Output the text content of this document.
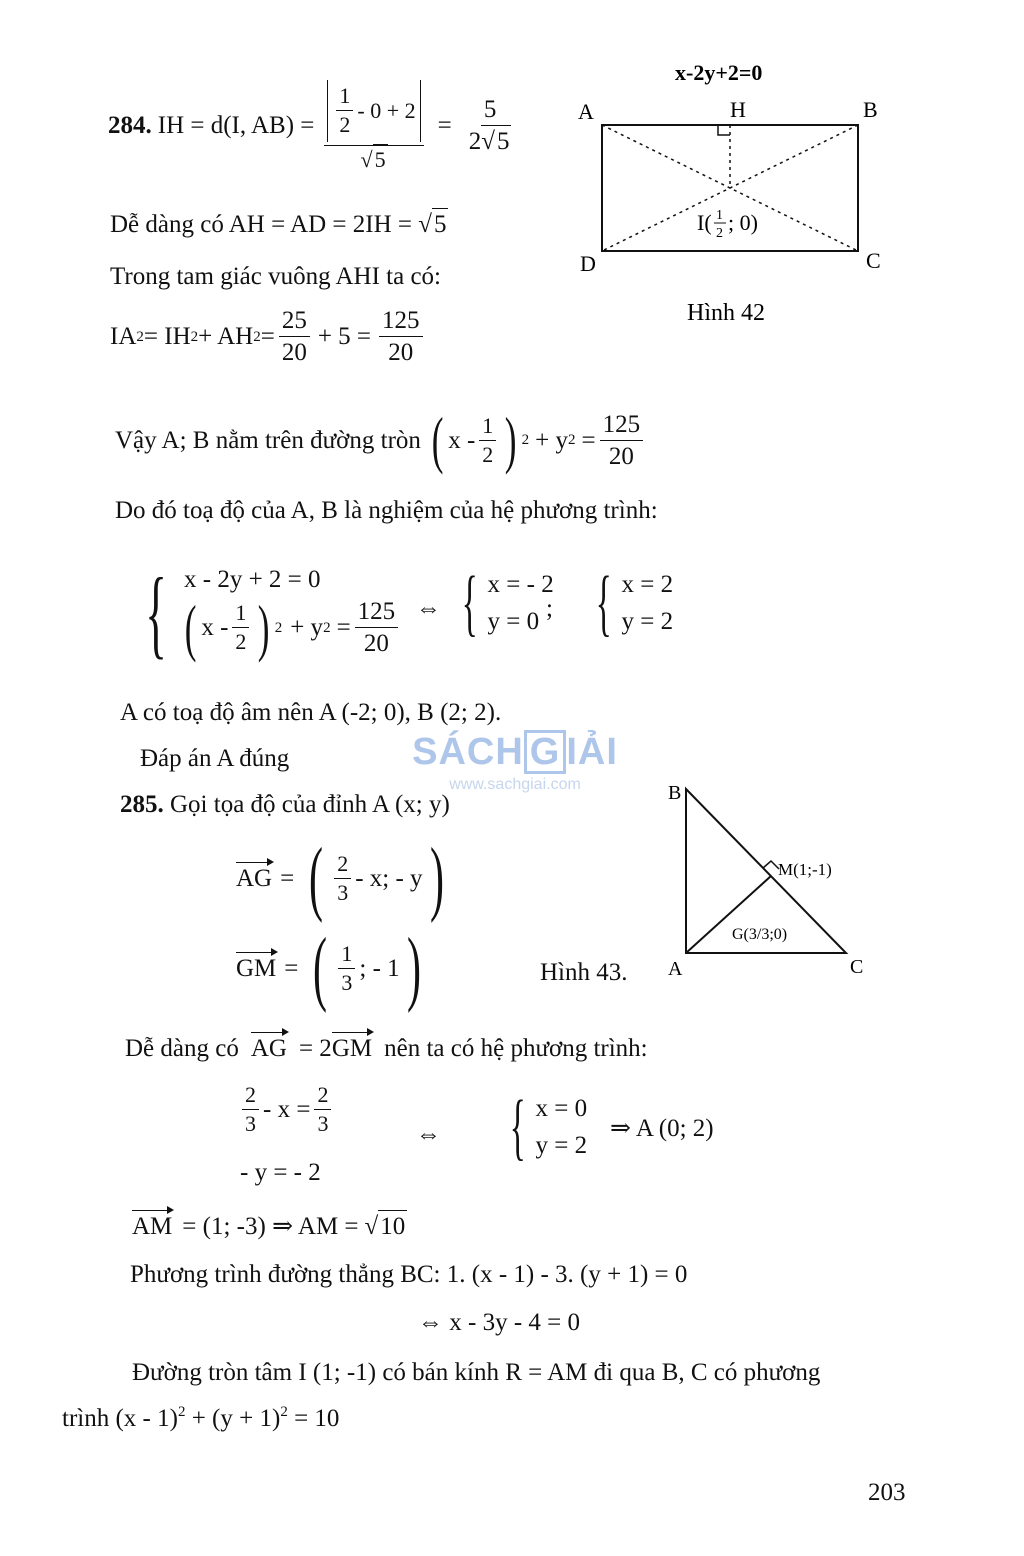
284. IH = d(I, $AB) = \frac{\frac{1}{2} - 0 + 2}{√5} = \frac{5}{2√5}$
Dễ dàng có AH = AD = 2IH = √5
Trong tam giác vuông AHI ta có:
IA 2 = IH 2 + AH $2 = \frac{25}{20} + 5 = \frac{125}{20}$
Vậy A; B nằm trên đường tròn ( x - $\frac{1}{2}$ ) 2 + y $2 = \frac{125}{20}$
Do đó toạ độ của A, B là nghiệm của hệ phương trình:
{ x - 2y + 2 = 0
( x - $\frac{1}{2}$ ) 2 + y $2 = \frac{125}{20}$ ⇔ { x = - 2
y = 0 ; { x = 2
y = 2
A có toạ độ âm nên A (-2; 0), B (2; 2).
Đáp án A đúng
x-2y+2=0
A	H	B
C
D
I( 1
2 ; 0)
Hình 42
SÁCH G IẢI
www.sachgiai.com
285. Gọi tọa độ của đỉnh A (x; y)
AG = ( $\frac{2}{3}$ - x; - y )
GM = ( $\frac{1}{3}$ ; - 1 )	Hình 43.
B
A	C
M(1;-1)
G(3/3;0)
Dễ dàng có AG = 2 GM nên ta có hệ phương trình:
$\frac{2}{3} - x = \frac{2}{3}$
- y = - 2
⇔ { x = 0
y = 2
⇒ A (0; 2)
AM = (1; -3) ⇒ AM = √10
Phương trình đường thẳng BC: 1. (x - 1) - 3. (y + 1) = 0
⇔ x - 3y - 4 = 0
Đường tròn tâm I (1; -1) có bán kính R = AM đi qua B, C có phương
trình $(x - 1)^2 + (y + 1)^2 = 10$
203
